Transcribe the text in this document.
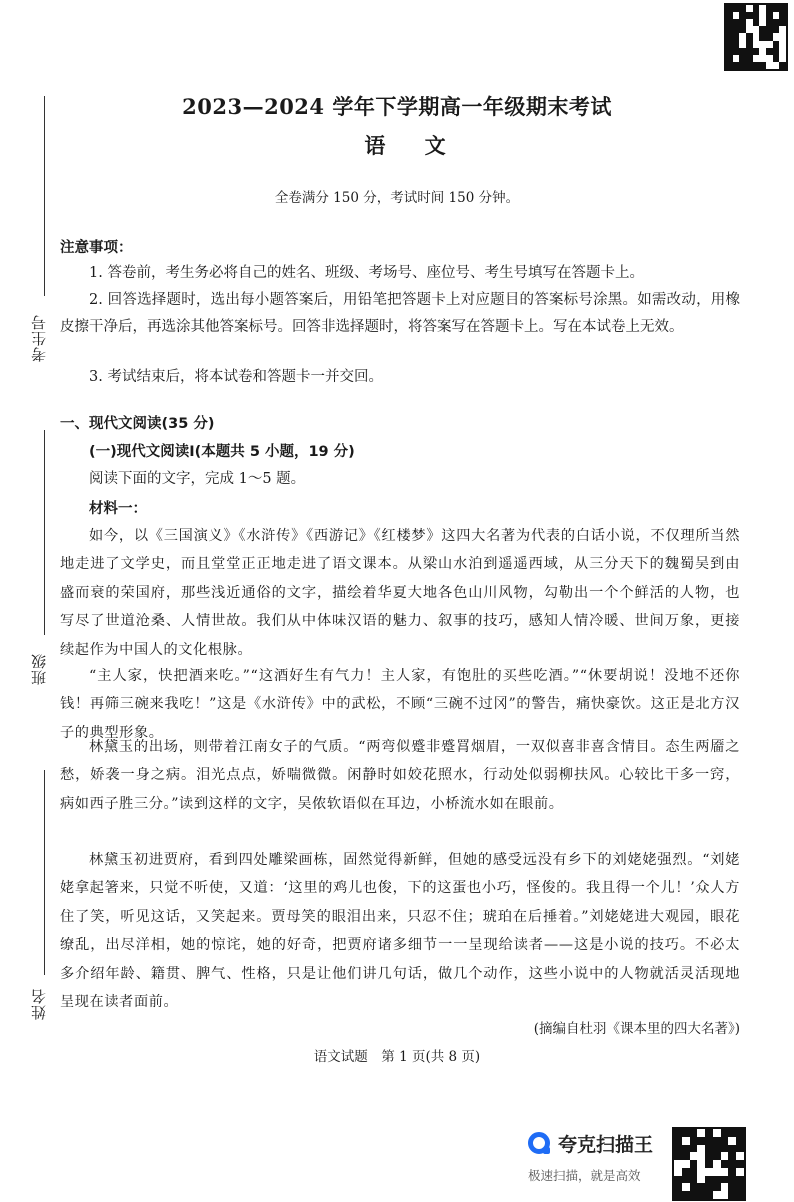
考生号
班级
姓名
2023—2024 学年下学期高一年级期末考试
语 文
全卷满分 150 分，考试时间 150 分钟。
注意事项：
1. 答卷前，考生务必将自己的姓名、班级、考场号、座位号、考生号填写在答题卡上。
2. 回答选择题时，选出每小题答案后，用铅笔把答题卡上对应题目的答案标号涂黑。如需改动，用橡皮擦干净后，再选涂其他答案标号。回答非选择题时，将答案写在答题卡上。写在本试卷上无效。
3. 考试结束后，将本试卷和答题卡一并交回。
一、现代文阅读(35 分)
(一)现代文阅读Ⅰ(本题共 5 小题，19 分)
阅读下面的文字，完成 1～5 题。
材料一：
如今，以《三国演义》《水浒传》《西游记》《红楼梦》这四大名著为代表的白话小说，不仅理所当然地走进了文学史，而且堂堂正正地走进了语文课本。从梁山水泊到遥遥西域，从三分天下的魏蜀吴到由盛而衰的荣国府，那些浅近通俗的文字，描绘着华夏大地各色山川风物，勾勒出一个个鲜活的人物，也写尽了世道沧桑、人情世故。我们从中体味汉语的魅力、叙事的技巧，感知人情冷暖、世间万象，更接续起作为中国人的文化根脉。
“主人家，快把酒来吃。”“这酒好生有气力！主人家，有饱肚的买些吃酒。”“休要胡说！没地不还你钱！再筛三碗来我吃！”这是《水浒传》中的武松，不顾“三碗不过冈”的警告，痛快豪饮。这正是北方汉子的典型形象。
林黛玉的出场，则带着江南女子的气质。“两弯似蹙非蹙罥烟眉，一双似喜非喜含情目。态生两靥之愁，娇袭一身之病。泪光点点，娇喘微微。闲静时如姣花照水，行动处似弱柳扶风。心较比干多一窍，病如西子胜三分。”读到这样的文字，吴侬软语似在耳边，小桥流水如在眼前。
林黛玉初进贾府，看到四处雕梁画栋，固然觉得新鲜，但她的感受远没有乡下的刘姥姥强烈。“刘姥姥拿起箸来，只觉不听使，又道：‘这里的鸡儿也俊，下的这蛋也小巧，怪俊的。我且得一个儿！’众人方住了笑，听见这话，又笑起来。贾母笑的眼泪出来，只忍不住；琥珀在后捶着。”刘姥姥进大观园，眼花缭乱，出尽洋相，她的惊诧，她的好奇，把贾府诸多细节一一呈现给读者——这是小说的技巧。不必太多介绍年龄、籍贯、脾气、性格，只是让他们讲几句话，做几个动作，这些小说中的人物就活灵活现地呈现在读者面前。
(摘编自杜羽《课本里的四大名著》)
语文试题　第 1 页(共 8 页)
夸克扫描王
极速扫描，就是高效
